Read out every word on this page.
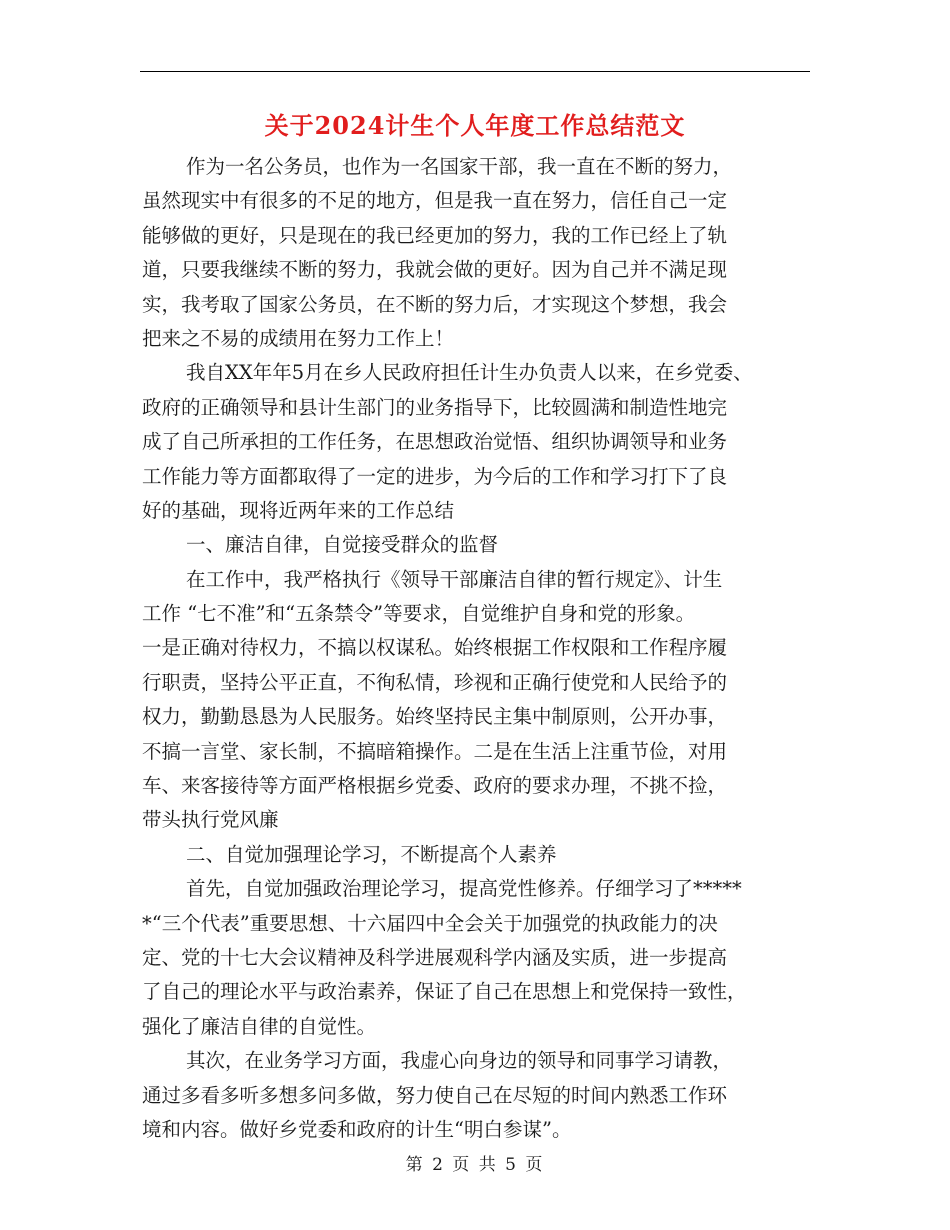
关于2024计生个人年度工作总结范文
作为一名公务员，也作为一名国家干部，我一直在不断的努力，
虽然现实中有很多的不足的地方，但是我一直在努力，信任自己一定
能够做的更好，只是现在的我已经更加的努力，我的工作已经上了轨
道，只要我继续不断的努力，我就会做的更好。因为自己并不满足现
实，我考取了国家公务员，在不断的努力后，才实现这个梦想，我会
把来之不易的成绩用在努力工作上！
我自XX年年5月在乡人民政府担任计生办负责人以来，在乡党委、
政府的正确领导和县计生部门的业务指导下，比较圆满和制造性地完
成了自己所承担的工作任务，在思想政治觉悟、组织协调领导和业务
工作能力等方面都取得了一定的进步，为今后的工作和学习打下了良
好的基础，现将近两年来的工作总结
一、廉洁自律，自觉接受群众的监督
在工作中，我严格执行《领导干部廉洁自律的暂行规定》、计生
工作 “七不准”和“五条禁令”等要求，自觉维护自身和党的形象。
一是正确对待权力，不搞以权谋私。始终根据工作权限和工作程序履
行职责，坚持公平正直，不徇私情，珍视和正确行使党和人民给予的
权力，勤勤恳恳为人民服务。始终坚持民主集中制原则，公开办事，
不搞一言堂、家长制，不搞暗箱操作。二是在生活上注重节俭，对用
车、来客接待等方面严格根据乡党委、政府的要求办理，不挑不捡，
带头执行党风廉
二、自觉加强理论学习，不断提高个人素养
首先，自觉加强政治理论学习，提高党性修养。仔细学习了*****
*“三个代表”重要思想、十六届四中全会关于加强党的执政能力的决
定、党的十七大会议精神及科学进展观科学内涵及实质，进一步提高
了自己的理论水平与政治素养，保证了自己在思想上和党保持一致性，
强化了廉洁自律的自觉性。
其次，在业务学习方面，我虚心向身边的领导和同事学习请教，
通过多看多听多想多问多做，努力使自己在尽短的时间内熟悉工作环
境和内容。做好乡党委和政府的计生“明白参谋”。
第 2 页 共 5 页
